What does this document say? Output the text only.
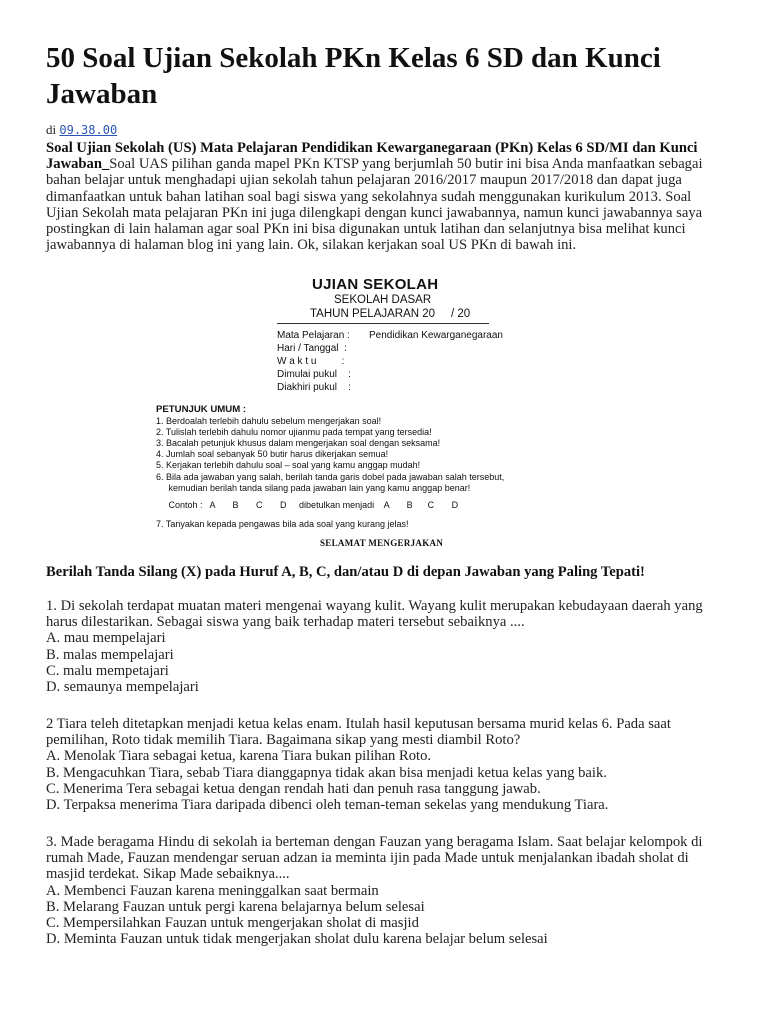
50 Soal Ujian Sekolah PKn Kelas 6 SD dan Kunci Jawaban
di 09.38.00
Soal Ujian Sekolah (US) Mata Pelajaran Pendidikan Kewarganegaraan (PKn) Kelas 6 SD/MI dan Kunci Jawaban_Soal UAS pilihan ganda mapel PKn KTSP yang berjumlah 50 butir ini bisa Anda manfaatkan sebagai bahan belajar untuk menghadapi ujian sekolah tahun pelajaran 2016/2017 maupun 2017/2018 dan dapat juga dimanfaatkan untuk bahan latihan soal bagi siswa yang sekolahnya sudah menggunakan kurikulum 2013. Soal Ujian Sekolah mata pelajaran PKn ini juga dilengkapi dengan kunci jawabannya, namun kunci jawabannya saya postingkan di lain halaman agar soal PKn ini bisa digunakan untuk latihan dan selanjutnya bisa melihat kunci jawabannya di halaman blog ini yang lain. Ok, silakan kerjakan soal US PKn di bawah ini.
UJIAN SEKOLAH
SEKOLAH DASAR
TAHUN PELAJARAN 20     / 20
Mata Pelajaran : Pendidikan Kewarganegaraan
Hari / Tanggal  :
W a k t u         :
Dimulai pukul    :
Diakhiri pukul    :
PETUNJUK UMUM :
1. Berdoalah terlebih dahulu sebelum mengerjakan soal!
2. Tulislah terlebih dahulu nomor ujianmu pada tempat yang tersedia!
3. Bacalah petunjuk khusus dalam mengerjakan soal dengan seksama!
4. Jumlah soal sebanyak 50 butir harus dikerjakan semua!
5. Kerjakan terlebih dahulu soal – soal yang kamu anggap mudah!
6. Bila ada jawaban yang salah, berilah tanda garis dobel pada jawaban salah tersebut,
kemudian berilah tanda silang pada jawaban lain yang kamu anggap benar!
Contoh :   A       B       C       D     dibetulkan menjadi    A       B      C       D
7. Tanyakan kepada pengawas bila ada soal yang kurang jelas!
SELAMAT MENGERJAKAN
Berilah Tanda Silang (X) pada Huruf A, B, C, dan/atau D di depan Jawaban yang Paling Tepati!
1. Di sekolah terdapat muatan materi mengenai wayang kulit. Wayang kulit merupakan kebudayaan daerah yang harus dilestarikan. Sebagai siswa yang baik terhadap materi tersebut sebaiknya ....
A. mau mempelajari
B. malas mempelajari
C. malu mempetajari
D. semaunya mempelajari
2 Tiara teleh ditetapkan menjadi ketua kelas enam. Itulah hasil keputusan bersama murid kelas 6. Pada saat pemilihan, Roto tidak memilih Tiara. Bagaimana sikap yang mesti diambil Roto?
A. Menolak Tiara sebagai ketua, karena Tiara bukan pilihan Roto.
B. Mengacuhkan Tiara, sebab Tiara dianggapnya tidak akan bisa menjadi ketua kelas yang baik.
C. Menerima Tera sebagai ketua dengan rendah hati dan penuh rasa tanggung jawab.
D. Terpaksa menerima Tiara daripada dibenci oleh teman-teman sekelas yang mendukung Tiara.
3. Made beragama Hindu di sekolah ia berteman dengan Fauzan yang beragama Islam. Saat belajar kelompok di rumah Made, Fauzan mendengar seruan adzan ia meminta ijin pada Made untuk menjalankan ibadah sholat di masjid terdekat. Sikap Made sebaiknya....
A. Membenci Fauzan karena meninggalkan saat bermain
B. Melarang Fauzan untuk pergi karena belajarnya belum selesai
C. Mempersilahkan Fauzan untuk mengerjakan sholat di masjid
D. Meminta Fauzan untuk tidak mengerjakan sholat dulu karena belajar belum selesai
